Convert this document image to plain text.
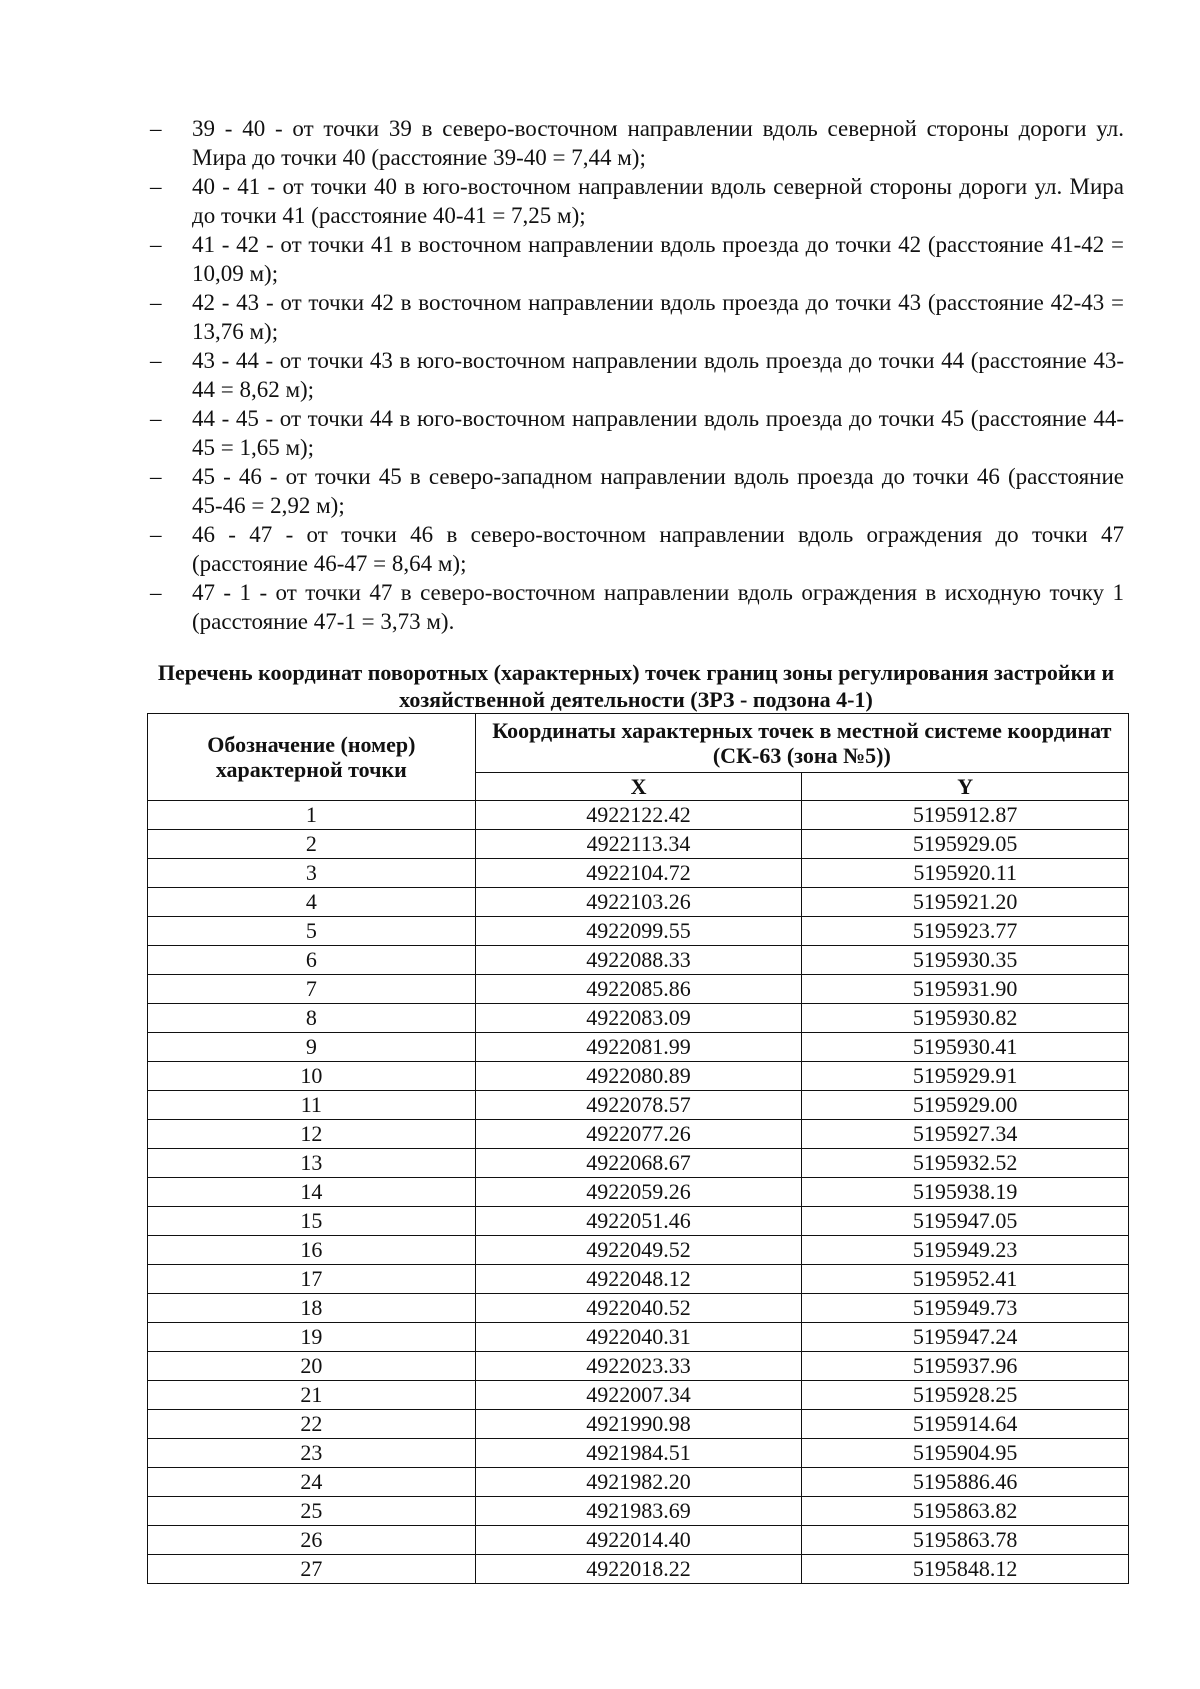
–	39 - 40 - от точки 39 в северо-восточном направлении вдоль северной стороны дороги ул. Мира до точки 40 (расстояние 39-40 = 7,44 м);
–	40 - 41 - от точки 40 в юго-восточном направлении вдоль северной стороны дороги ул. Мира до точки 41 (расстояние 40-41 = 7,25 м);
–	41 - 42 - от точки 41 в восточном направлении вдоль проезда до точки 42 (расстояние 41-42 = 10,09 м);
–	42 - 43 - от точки 42 в восточном направлении вдоль проезда до точки 43 (расстояние 42-43 = 13,76 м);
–	43 - 44 - от точки 43 в юго-восточном направлении вдоль проезда до точки 44 (расстояние 43-44 = 8,62 м);
–	44 - 45 - от точки 44 в юго-восточном направлении вдоль проезда до точки 45 (расстояние 44-45 = 1,65 м);
–	45 - 46 - от точки 45 в северо-западном направлении вдоль проезда до точки 46 (расстояние 45-46 = 2,92 м);
–	46 - 47 - от точки 46 в северо-восточном направлении вдоль ограждения до точки 47 (расстояние 46-47 = 8,64 м);
–	47 - 1 - от точки 47 в северо-восточном направлении вдоль ограждения в исходную точку 1 (расстояние 47-1 = 3,73 м).
Перечень координат поворотных (характерных) точек границ зоны регулирования застройки и хозяйственной деятельности (ЗРЗ - подзона 4-1)
Обозначение (номер) характерной точки	Координаты характерных точек в местной системе координат (СК-63 (зона №5))	
	X	Y
1	4922122.42	5195912.87
2	4922113.34	5195929.05
3	4922104.72	5195920.11
4	4922103.26	5195921.20
5	4922099.55	5195923.77
6	4922088.33	5195930.35
7	4922085.86	5195931.90
8	4922083.09	5195930.82
9	4922081.99	5195930.41
10	4922080.89	5195929.91
11	4922078.57	5195929.00
12	4922077.26	5195927.34
13	4922068.67	5195932.52
14	4922059.26	5195938.19
15	4922051.46	5195947.05
16	4922049.52	5195949.23
17	4922048.12	5195952.41
18	4922040.52	5195949.73
19	4922040.31	5195947.24
20	4922023.33	5195937.96
21	4922007.34	5195928.25
22	4921990.98	5195914.64
23	4921984.51	5195904.95
24	4921982.20	5195886.46
25	4921983.69	5195863.82
26	4922014.40	5195863.78
27	4922018.22	5195848.12
